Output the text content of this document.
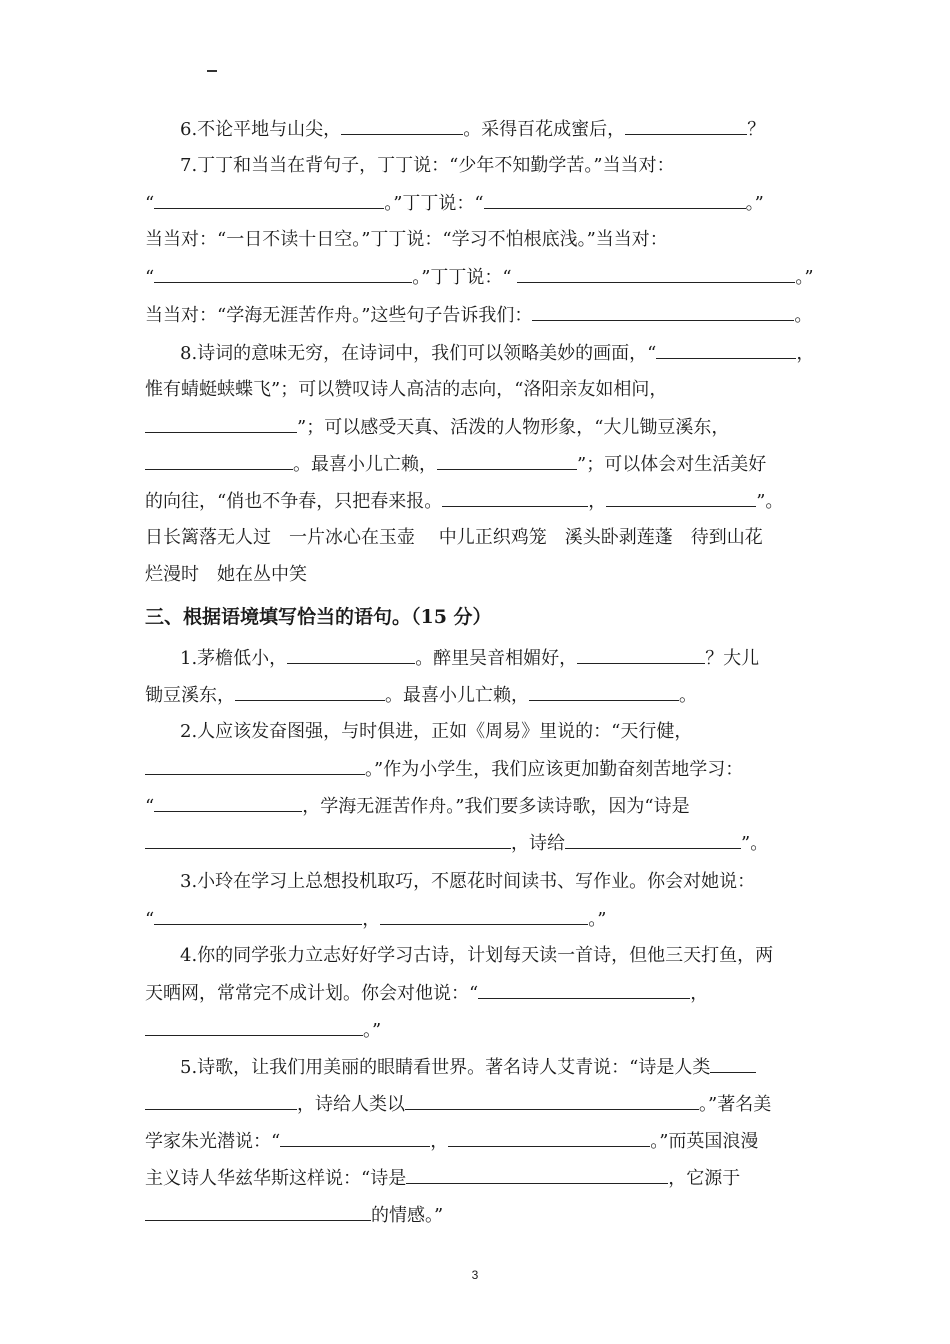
6.不论平地与山尖，	。采得百花成蜜后，	？
7.丁丁和当当在背句子，丁丁说：“少年不知勤学苦。”当当对：
“	。”丁丁说：“	。”
当当对：“一日不读十日空。”丁丁说：“学习不怕根底浅。”当当对：
“	。”丁丁说：“	。”
当当对：“学海无涯苦作舟。”这些句子告诉我们：	。
8.诗词的意味无穷，在诗词中，我们可以领略美妙的画面，“	，
惟有蜻蜓蛱蝶飞”；可以赞叹诗人高洁的志向，“洛阳亲友如相问，
”；可以感受天真、活泼的人物形象，“大儿锄豆溪东，
。最喜小儿亡赖，	”；可以体会对生活美好
的向往，“俏也不争春，只把春来报。	，	”。
日长篱落无人过　一片冰心在玉壶　 中儿正织鸡笼　溪头卧剥莲蓬　待到山花
烂漫时　她在丛中笑
1.茅檐低小，	。醉里吴音相媚好，	？大儿
锄豆溪东，	。最喜小儿亡赖，	。
2.人应该发奋图强，与时俱进，正如《周易》里说的：“天行健，
。”作为小学生，我们应该更加勤奋刻苦地学习：
“	，学海无涯苦作舟。”我们要多读诗歌，因为“诗是
，诗给	”。
3.小玲在学习上总想投机取巧，不愿花时间读书、写作业。你会对她说：
“	，	。”
4.你的同学张力立志好好学习古诗，计划每天读一首诗，但他三天打鱼，两
天晒网，常常完不成计划。你会对他说：“	，
。”
5.诗歌，让我们用美丽的眼睛看世界。著名诗人艾青说：“诗是人类
，诗给人类以	。”著名美
学家朱光潜说：“	，	。”而英国浪漫
主义诗人华兹华斯这样说：“诗是	，它源于
的情感。”
三、根据语境填写恰当的语句。（15 分）
3
